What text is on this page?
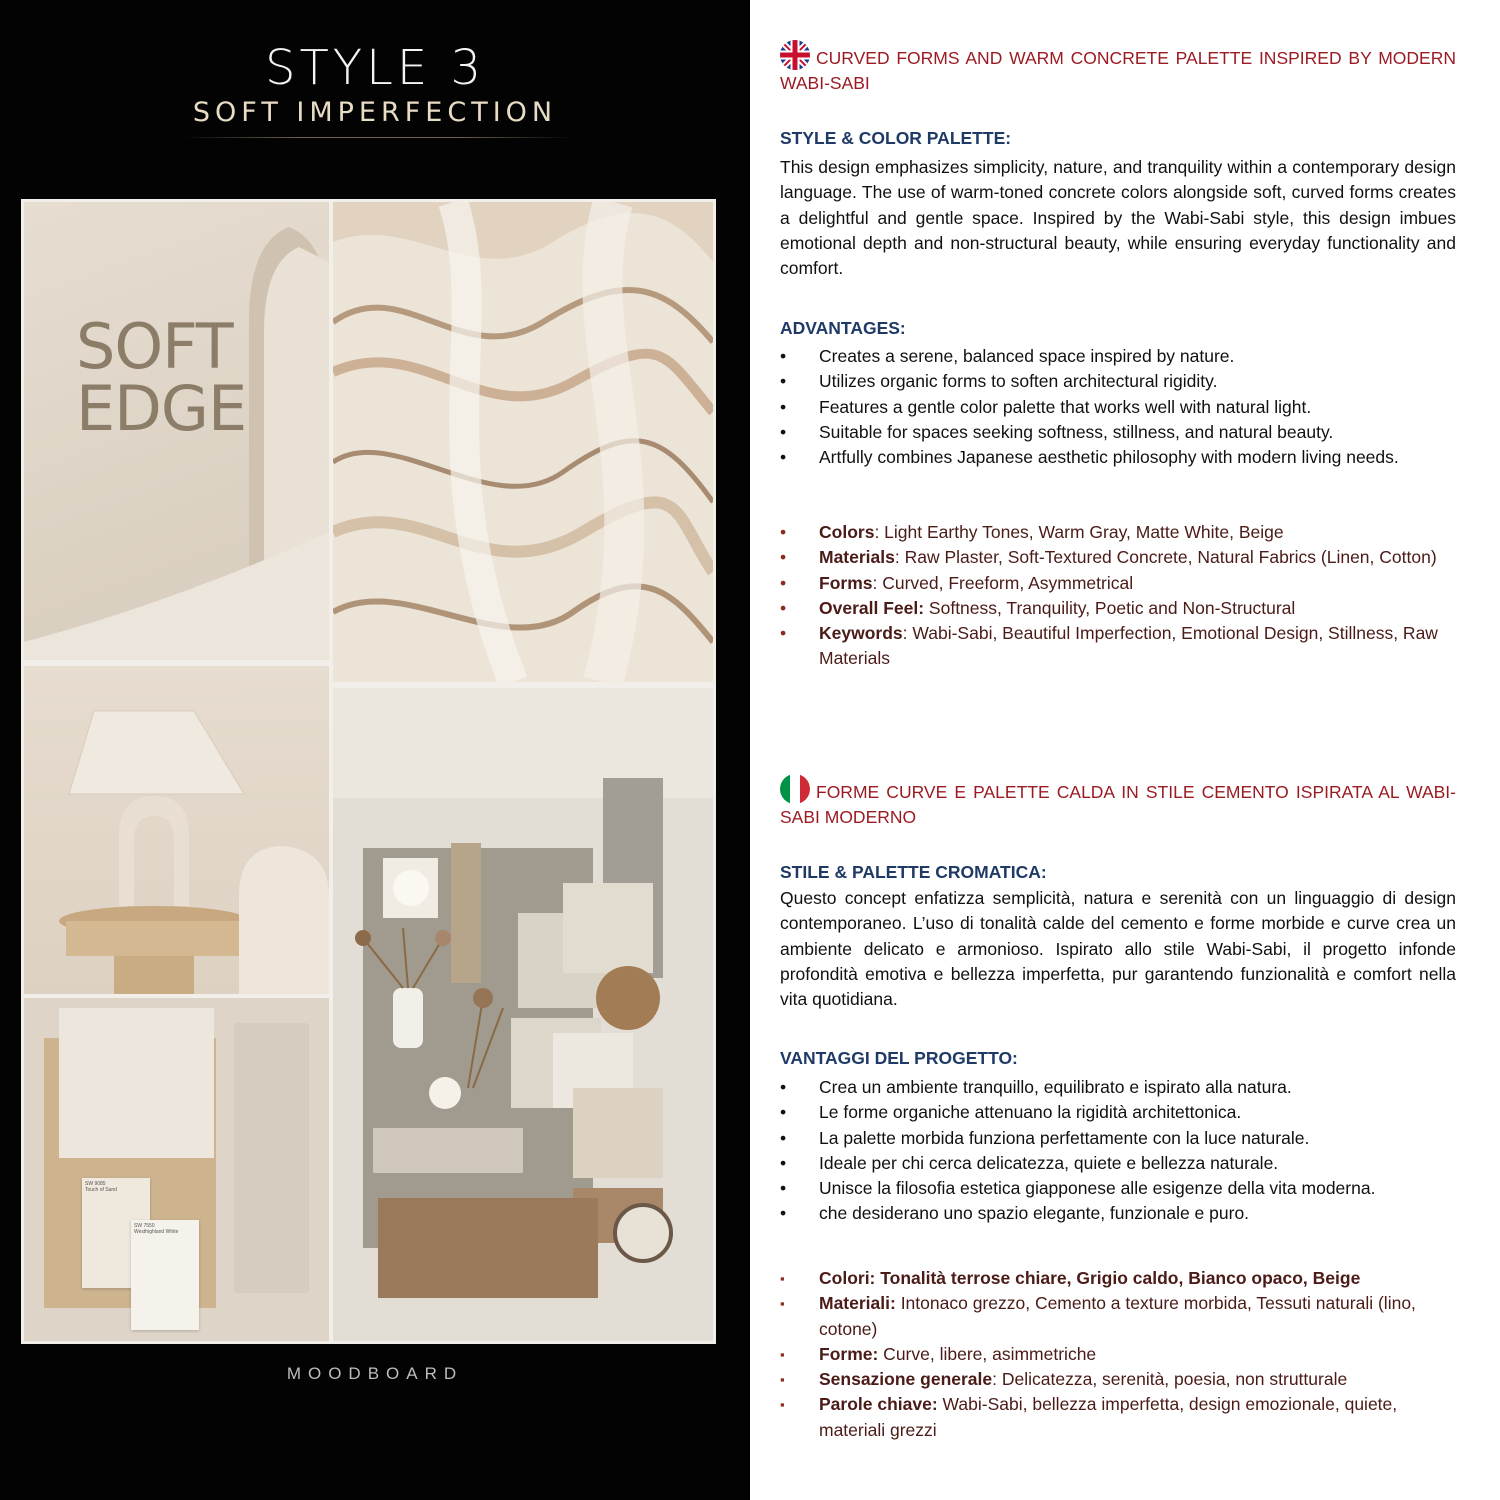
STYLE 3
SOFT IMPERFECTION
SOFT
EDGE
SW 9085
Touch of Sand
SW 7550
Westhighland White
MOODBOARD
CURVED FORMS AND WARM CONCRETE PALETTE INSPIRED BY MODERN WABI-SABI
STYLE & COLOR PALETTE:
This design emphasizes simplicity, nature, and tranquility within a contemporary design language. The use of warm-toned concrete colors alongside soft, curved forms creates a delightful and gentle space. Inspired by the Wabi-Sabi style, this design imbues emotional depth and non-structural beauty, while ensuring everyday functionality and comfort.
ADVANTAGES:
•	Creates a serene, balanced space inspired by nature.
•	Utilizes organic forms to soften architectural rigidity.
•	Features a gentle color palette that works well with natural light.
•	Suitable for spaces seeking softness, stillness, and natural beauty.
•	Artfully combines Japanese aesthetic philosophy with modern living needs.
•	Colors: Light Earthy Tones, Warm Gray, Matte White, Beige
•	Materials: Raw Plaster, Soft-Textured Concrete, Natural Fabrics (Linen, Cotton)
•	Forms: Curved, Freeform, Asymmetrical
•	Overall Feel: Softness, Tranquility, Poetic and Non-Structural
•	Keywords: Wabi-Sabi, Beautiful Imperfection, Emotional Design, Stillness, Raw Materials
FORME CURVE E PALETTE CALDA IN STILE CEMENTO ISPIRATA AL WABI-SABI MODERNO
STILE & PALETTE CROMATICA:
Questo concept enfatizza semplicità, natura e serenità con un linguaggio di design contemporaneo. L’uso di tonalità calde del cemento e forme morbide e curve crea un ambiente delicato e armonioso. Ispirato allo stile Wabi-Sabi, il progetto infonde profondità emotiva e bellezza imperfetta, pur garantendo funzionalità e comfort nella vita quotidiana.
VANTAGGI DEL PROGETTO:
•	Crea un ambiente tranquillo, equilibrato e ispirato alla natura.
•	Le forme organiche attenuano la rigidità architettonica.
•	La palette morbida funziona perfettamente con la luce naturale.
•	Ideale per chi cerca delicatezza, quiete e bellezza naturale.
•	Unisce la filosofia estetica giapponese alle esigenze della vita moderna.
•	che desiderano uno spazio elegante, funzionale e puro.
▪	Colori: Tonalità terrose chiare, Grigio caldo, Bianco opaco, Beige
▪	Materiali: Intonaco grezzo, Cemento a texture morbida, Tessuti naturali (lino, cotone)
▪	Forme: Curve, libere, asimmetriche
▪	Sensazione generale: Delicatezza, serenità, poesia, non strutturale
▪	Parole chiave: Wabi-Sabi, bellezza imperfetta, design emozionale, quiete, materiali grezzi
